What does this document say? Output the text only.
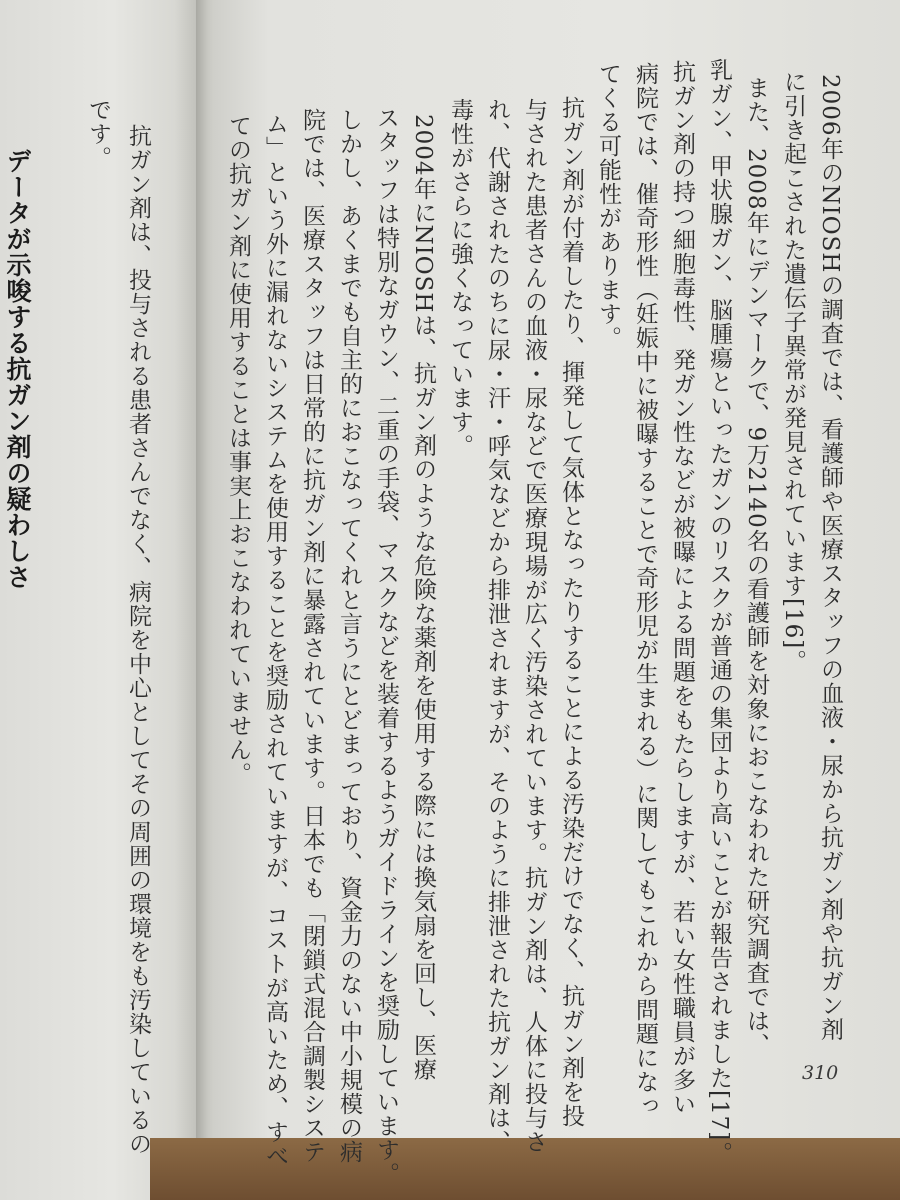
2006年のNIOSHの調査では、看護師や医療スタッフの血液・尿から抗ガン剤や抗ガン剤

に引き起こされた遺伝子異常が発見されています[16]。

また、2008年にデンマークで、9万2140名の看護師を対象におこなわれた研究調査では、

乳ガン、甲状腺ガン、脳腫瘍といったガンのリスクが普通の集団より高いことが報告されました[17]。

抗ガン剤の持つ細胞毒性、発ガン性などが被曝による問題をもたらしますが、若い女性職員が多い

病院では、催奇形性（妊娠中に被曝することで奇形児が生まれる）に関してもこれから問題になっ

てくる可能性があります。

抗ガン剤が付着したり、揮発して気体となったりすることによる汚染だけでなく、抗ガン剤を投

与された患者さんの血液・尿などで医療現場が広く汚染されています。抗ガン剤は、人体に投与さ

れ、代謝されたのちに尿・汗・呼気などから排泄されますが、そのように排泄された抗ガン剤は、

毒性がさらに強くなっています。

2004年にNIOSHは、抗ガン剤のような危険な薬剤を使用する際には換気扇を回し、医療

スタッフは特別なガウン、二重の手袋、マスクなどを装着するようガイドラインを奨励しています。

しかし、あくまでも自主的におこなってくれと言うにとどまっており、資金力のない中小規模の病

院では、医療スタッフは日常的に抗ガン剤に暴露されています。日本でも「閉鎖式混合調製システ

ム」という外に漏れないシステムを使用することを奨励されていますが、コストが高いため、すべ

ての抗ガン剤に使用することは事実上おこなわれていません。

310

です。 抗ガン剤は、投与される患者さんでなく、病院を中心としてその周囲の環境をも汚染しているの

データが示唆する抗ガン剤の疑わしさ
